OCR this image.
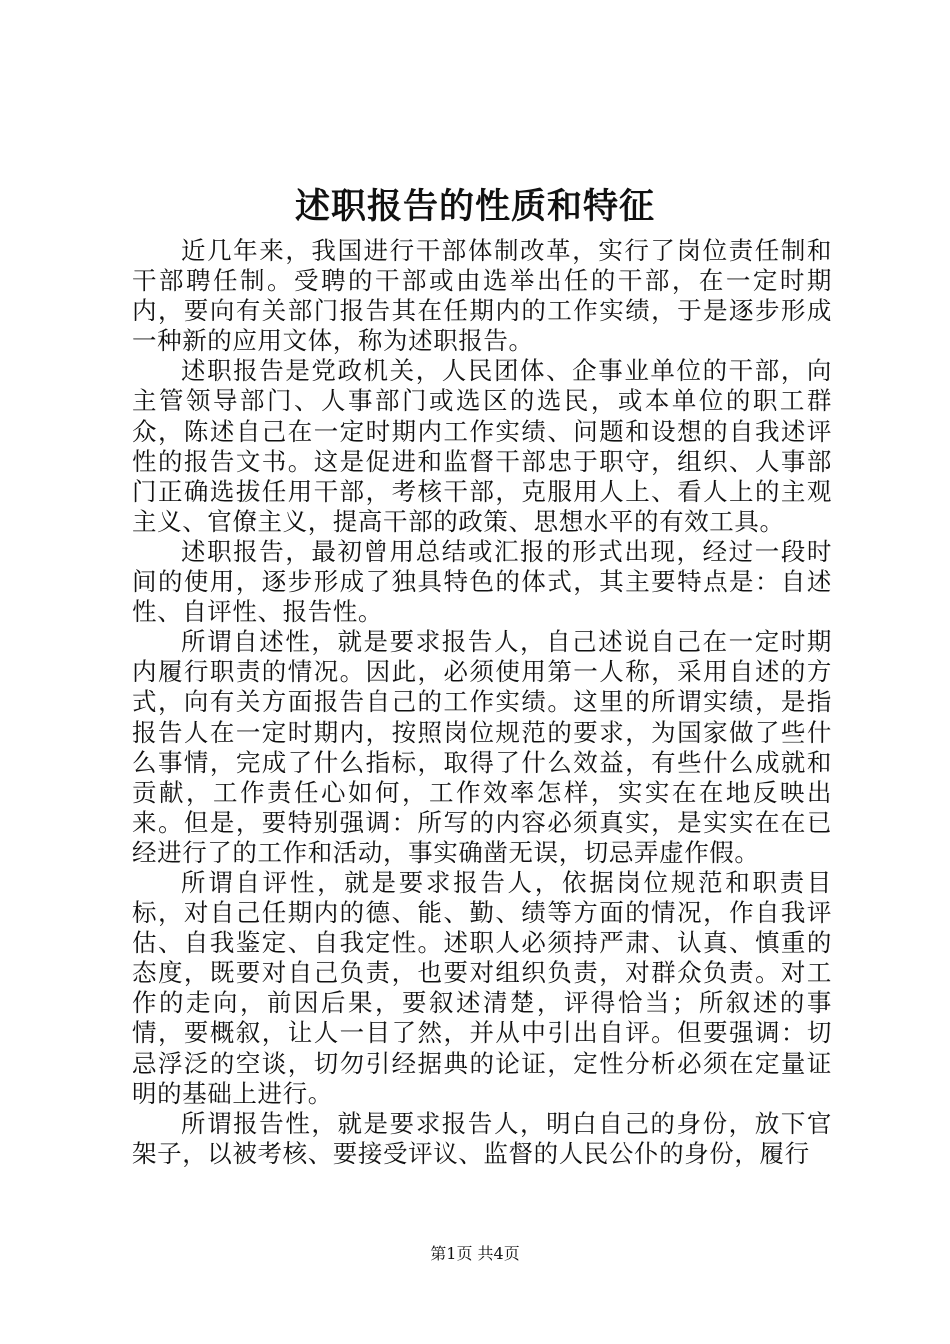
述职报告的性质和特征

近几年来，我国进行干部体制改革，实行了岗位责任制和干部聘任制。受聘的干部或由选举出任的干部，在一定时期内，要向有关部门报告其在任期内的工作实绩，于是逐步形成一种新的应用文体，称为述职报告。

述职报告是党政机关，人民团体、企事业单位的干部，向主管领导部门、人事部门或选区的选民，或本单位的职工群众，陈述自己在一定时期内工作实绩、问题和设想的自我述评性的报告文书。这是促进和监督干部忠于职守，组织、人事部门正确选拔任用干部，考核干部，克服用人上、看人上的主观主义、官僚主义，提高干部的政策、思想水平的有效工具。

述职报告，最初曾用总结或汇报的形式出现，经过一段时间的使用，逐步形成了独具特色的体式，其主要特点是：自述性、自评性、报告性。

所谓自述性，就是要求报告人，自己述说自己在一定时期内履行职责的情况。因此，必须使用第一人称，采用自述的方式，向有关方面报告自己的工作实绩。这里的所谓实绩，是指报告人在一定时期内，按照岗位规范的要求，为国家做了些什么事情，完成了什么指标，取得了什么效益，有些什么成就和贡献，工作责任心如何，工作效率怎样，实实在在地反映出来。但是，要特别强调：所写的内容必须真实，是实实在在已经进行了的工作和活动，事实确凿无误，切忌弄虚作假。

所谓自评性，就是要求报告人，依据岗位规范和职责目标，对自己任期内的德、能、勤、绩等方面的情况，作自我评估、自我鉴定、自我定性。述职人必须持严肃、认真、慎重的态度，既要对自己负责，也要对组织负责，对群众负责。对工作的走向，前因后果，要叙述清楚，评得恰当；所叙述的事情，要概叙，让人一目了然，并从中引出自评。但要强调：切忌浮泛的空谈，切勿引经据典的论证，定性分析必须在定量证明的基础上进行。

所谓报告性，就是要求报告人，明白自己的身份，放下官架子，以被考核、要接受评议、监督的人民公仆的身份，履行

第1页 共4页
